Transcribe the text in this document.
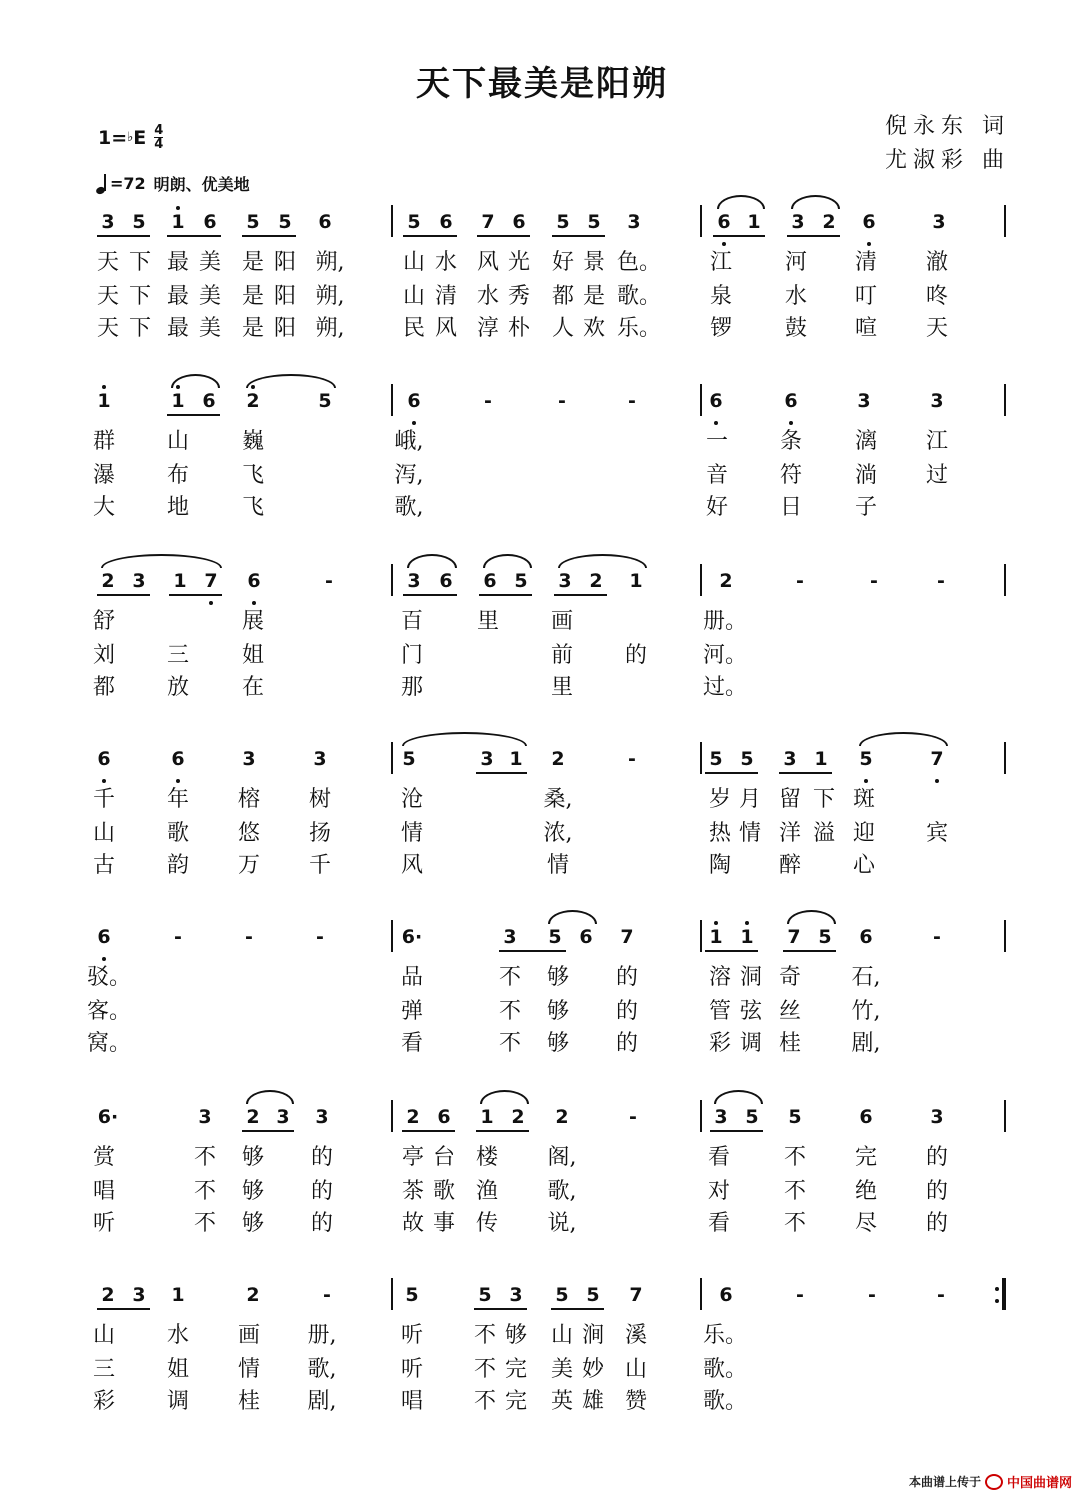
天下最美是阳朔
倪永东 词
尤淑彩 曲
1= ♭ E $\frac{4}{4}$
=72 明朗、优美地
3 5 1 6 5 5 6	5 6 7 6 5 5 3	6 1 3 2 6	3
天 下 最 美 是 阳 朔,	山 水 风 光 好 景 色。 江 河 清 澈
天 下 最 美 是 阳 朔,	山 清 水 秀 都 是 歌。 泉 水 叮 咚
天 下 最 美 是 阳 朔,	民 风 淳 朴 人 欢 乐。 锣 鼓 喧 天
1	1 6 2	5	6	-	-	-	6	6	3	3
群 山 巍	峨,	一 条 漓 江
瀑 布 飞	泻,	音 符 淌 过
大 地 飞	歌,	好 日 子
2 3 1 7 6	-	3 6 6 5 3 2 1	2	-	-	-
舒	展	百 里 画	册。
刘 三 姐	门	前 的	河。
都 放 在	那	里	过。
6	6	3	3	5	3 1 2	-	5 5 3 1 5	7
千 年 榕 树	沧	桑,	岁 月 留 下 斑
山 歌 悠 扬	情	浓,	热 情 洋 溢 迎 宾
古 韵 万 千	风	情	陶 醉 心
6	-	-	-	6·	3 5 6 7	1 1 7 5 6	-
驳。	品	不 够 的	溶 洞 奇 石,
客。	弹	不 够 的	管 弦 丝 竹,
窝。	看	不 够 的	彩 调 桂 剧,
6·	3 2 3 3	2 6 1 2 2	-	3 5 5	6	3
赏	不 够 的	亭 台 楼 阁,	看 不 完 的
唱	不 够 的	茶 歌 渔 歌,	对 不 绝 的
听	不 够 的	故 事 传 说,	看 不 尽 的
2 3 1	2	-	5	5 3 5 5 7	6	-	-	-
山 水 画 册,	听 不 够 山 涧 溪	乐。
三 姐 情 歌,	听 不 完 美 妙 山	歌。
彩 调 桂 剧,	唱 不 完 英 雄 赞	歌。
本曲谱上传于 中国曲谱网
